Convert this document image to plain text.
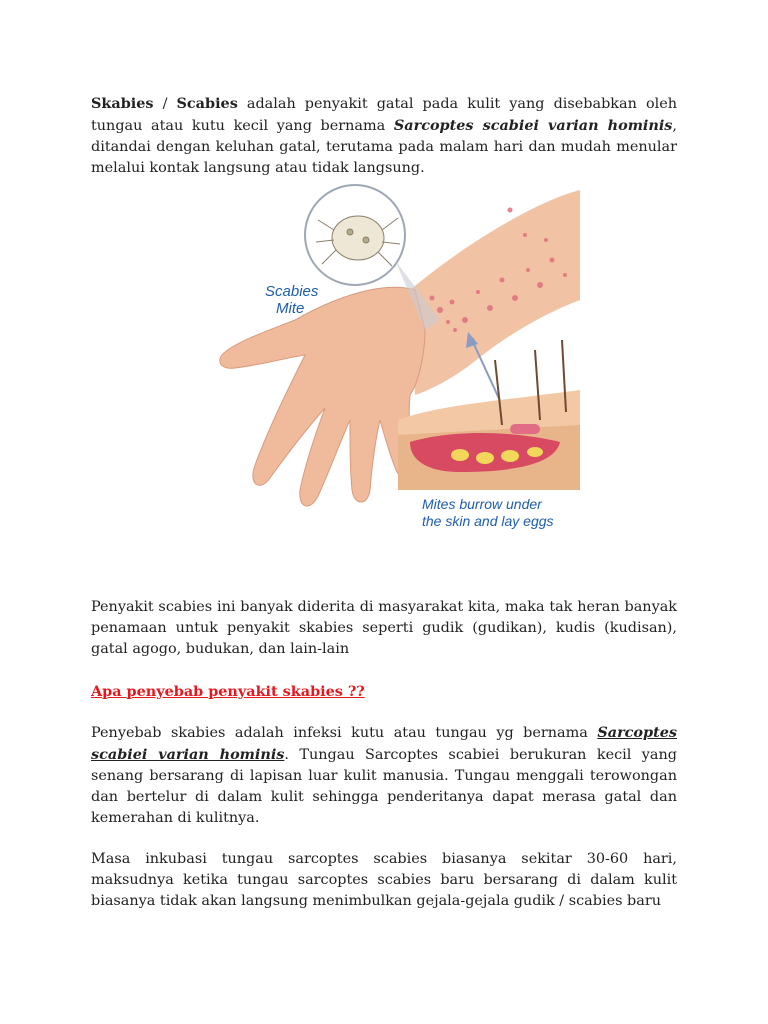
Skabies / Scabies adalah penyakit gatal pada kulit yang disebabkan oleh tungau atau kutu kecil yang bernama Sarcoptes scabiei varian hominis, ditandai dengan keluhan gatal, terutama pada malam hari dan mudah menular melalui kontak langsung atau tidak langsung.

Scabies
Mite
Mites burrow under
the skin and lay eggs

Penyakit scabies ini banyak diderita di masyarakat kita, maka tak heran banyak penamaan untuk penyakit skabies seperti gudik (gudikan), kudis (kudisan), gatal agogo, budukan, dan lain-lain

Apa penyebab penyakit skabies ??

Penyebab skabies adalah infeksi kutu atau tungau yg bernama Sarcoptes scabiei varian hominis. Tungau Sarcoptes scabiei berukuran kecil yang senang bersarang di lapisan luar kulit manusia. Tungau menggali terowongan dan bertelur di dalam kulit sehingga penderitanya dapat merasa gatal dan kemerahan di kulitnya.

Masa inkubasi tungau sarcoptes scabies biasanya sekitar 30-60 hari, maksudnya ketika tungau sarcoptes scabies baru bersarang di dalam kulit biasanya tidak akan langsung menimbulkan gejala-gejala gudik / scabies baru
